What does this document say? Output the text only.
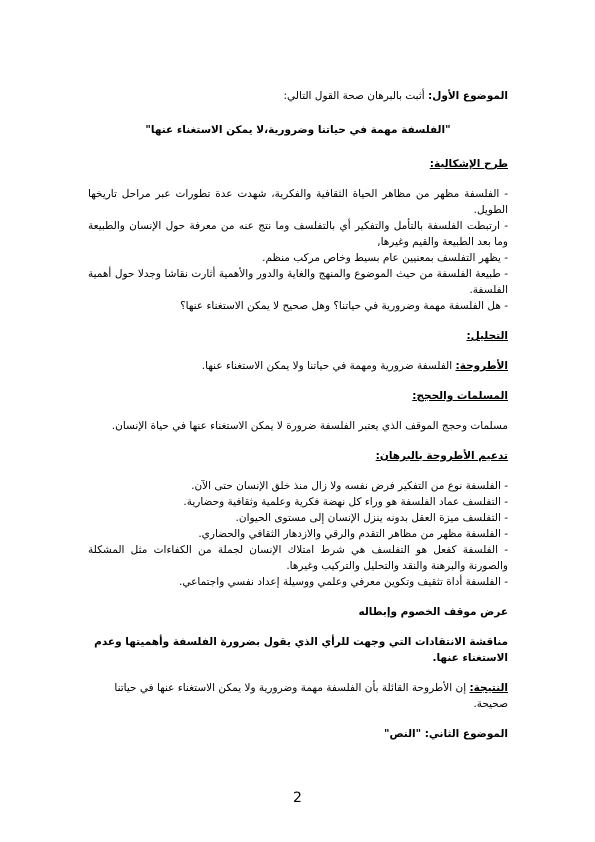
الموضوع الأول: أثبت بالبرهان صحة القول التالي:

"الفلسفة مهمة في حياتنا وضرورية،لا يمكن الاستغناء عنها"

طرح الإشكالية:

- الفلسفة مظهر من مظاهر الحياة الثقافية والفكرية، شهدت عدة تطورات عبر مراحل تاريخها الطويل.
- ارتبطت الفلسفة بالتأمل والتفكير أي بالتفلسف وما نتج عنه من معرفة حول الإنسان والطبيعة وما بعد الطبيعة والقيم وغيرها,
- يظهر التفلسف بمعنيين عام بسيط وخاص مركب منظم.
- طبيعة الفلسفة من حيث الموضوع والمنهج والغاية والدور والأهمية أثارت نقاشا وجدلا حول أهمية الفلسفة.
- هل الفلسفة مهمة وضرورية في حياتنا؟ وهل صحيح لا يمكن الاستغناء عنها؟

التحليل:

الأطروحة: الفلسفة ضرورية ومهمة في حياتنا ولا يمكن الاستغناء عنها.

المسلمات والحجج:

مسلمات وحجج الموقف الذي يعتبر الفلسفة ضرورة لا يمكن الاستغناء عنها في حياة الإنسان.

تدعيم الأطروحة بالبرهان:

- الفلسفة نوع من التفكير فرض نفسه ولا زال منذ خلق الإنسان حتى الآن.
- التفلسف عماد الفلسفة هو وراء كل نهضة فكرية وعلمية وثقافية وحضارية.
- التفلسف ميزة العقل بدونه ينزل الإنسان إلى مستوى الحيوان.
- الفلسفة مظهر من مظاهر التقدم والرقي والازدهار الثقافي والحضاري.
- الفلسفة كفعل هو التفلسف هي شرط امتلاك الإنسان لجملة من الكفاءات مثل المشكلة والصورنة والبرهنة والنقد والتحليل والتركيب وغيرها.
- الفلسفة أداة تثقيف وتكوين معرفي وعلمي ووسيلة إعداد نفسي واجتماعي.

عرض موقف الخصوم وإبطاله

مناقشة الانتقادات التي وجهت للرأي الذي يقول بضرورة الفلسفة وأهميتها وعدم الاستغناء عنها.

النتيجة: إن الأطروحة القائلة بأن الفلسفة مهمة وضرورية ولا يمكن الاستغناء عنها في حياتنا صحيحة.

الموضوع الثاني: "النص"

2
